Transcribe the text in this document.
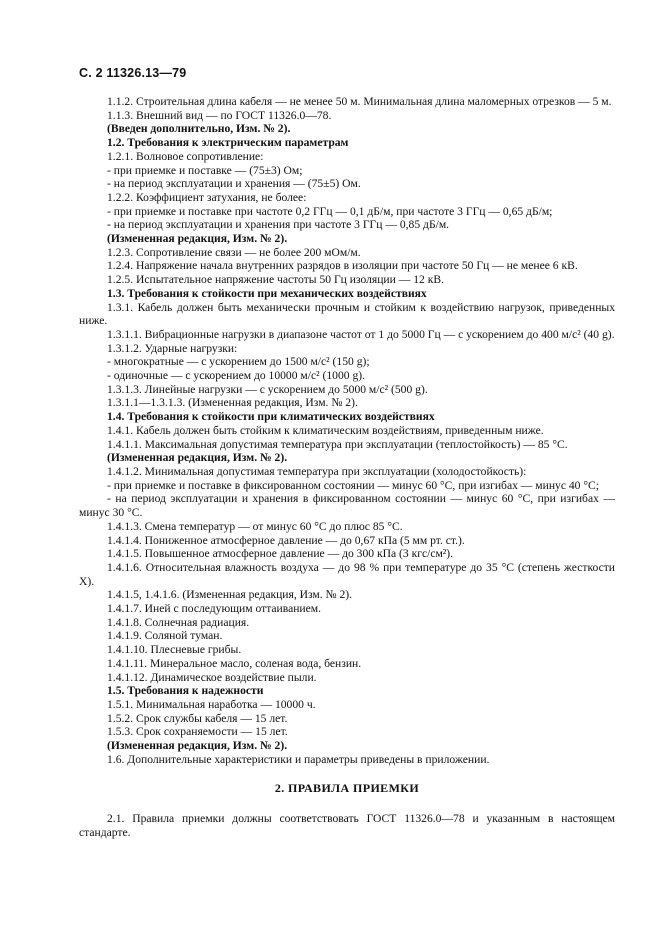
С. 2 11326.13—79

1.1.2. Строительная длина кабеля — не менее 50 м. Минимальная длина маломерных отрезков — 5 м.

1.1.3. Внешний вид — по ГОСТ 11326.0—78.

(Введен дополнительно, Изм. № 2).

1.2. Требования к электрическим параметрам

1.2.1. Волновое сопротивление:

- при приемке и поставке — (75±3) Ом;

- на период эксплуатации и хранения — (75±5) Ом.

1.2.2. Коэффициент затухания, не более:

- при приемке и поставке при частоте 0,2 ГГц — 0,1 дБ/м, при частоте 3 ГГц — 0,65 дБ/м;

- на период эксплуатации и хранения при частоте 3 ГГц — 0,85 дБ/м.

(Измененная редакция, Изм. № 2).

1.2.3. Сопротивление связи — не более 200 мОм/м.

1.2.4. Напряжение начала внутренних разрядов в изоляции при частоте 50 Гц — не менее 6 кВ.

1.2.5. Испытательное напряжение частоты 50 Гц изоляции — 12 кВ.

1.3. Требования к стойкости при механических воздействиях

1.3.1. Кабель должен быть механически прочным и стойким к воздействию нагрузок, приведенных ниже.

1.3.1.1. Вибрационные нагрузки в диапазоне частот от 1 до 5000 Гц — с ускорением до 400 м/с² (40 g).

1.3.1.2. Ударные нагрузки:

- многократные — с ускорением до 1500 м/с² (150 g);

- одиночные — с ускорением до 10000 м/с² (1000 g).

1.3.1.3. Линейные нагрузки — с ускорением до 5000 м/с² (500 g).

1.3.1.1—1.3.1.3. (Измененная редакция, Изм. № 2).

1.4. Требования к стойкости при климатических воздействиях

1.4.1. Кабель должен быть стойким к климатическим воздействиям, приведенным ниже.

1.4.1.1. Максимальная допустимая температура при эксплуатации (теплостойкость) — 85 °С.

(Измененная редакция, Изм. № 2).

1.4.1.2. Минимальная допустимая температура при эксплуатации (холодостойкость):

- при приемке и поставке в фиксированном состоянии — минус 60 °С, при изгибах — минус 40 °С;

- на период эксплуатации и хранения в фиксированном состоянии — минус 60 °С, при изгибах — минус 30 °С.

1.4.1.3. Смена температур — от минус 60 °С до плюс 85 °С.

1.4.1.4. Пониженное атмосферное давление — до 0,67 кПа (5 мм рт. ст.).

1.4.1.5. Повышенное атмосферное давление — до 300 кПа (3 кгс/см²).

1.4.1.6. Относительная влажность воздуха — до 98 % при температуре до 35 °С (степень жесткости X).

1.4.1.5, 1.4.1.6. (Измененная редакция, Изм. № 2).

1.4.1.7. Иней с последующим оттаиванием.

1.4.1.8. Солнечная радиация.

1.4.1.9. Соляной туман.

1.4.1.10. Плесневые грибы.

1.4.1.11. Минеральное масло, соленая вода, бензин.

1.4.1.12. Динамическое воздействие пыли.

1.5. Требования к надежности

1.5.1. Минимальная наработка — 10000 ч.

1.5.2. Срок службы кабеля — 15 лет.

1.5.3. Срок сохраняемости — 15 лет.

(Измененная редакция, Изм. № 2).

1.6. Дополнительные характеристики и параметры приведены в приложении.

2. ПРАВИЛА ПРИЕМКИ

2.1. Правила приемки должны соответствовать ГОСТ 11326.0—78 и указанным в настоящем стандарте.
